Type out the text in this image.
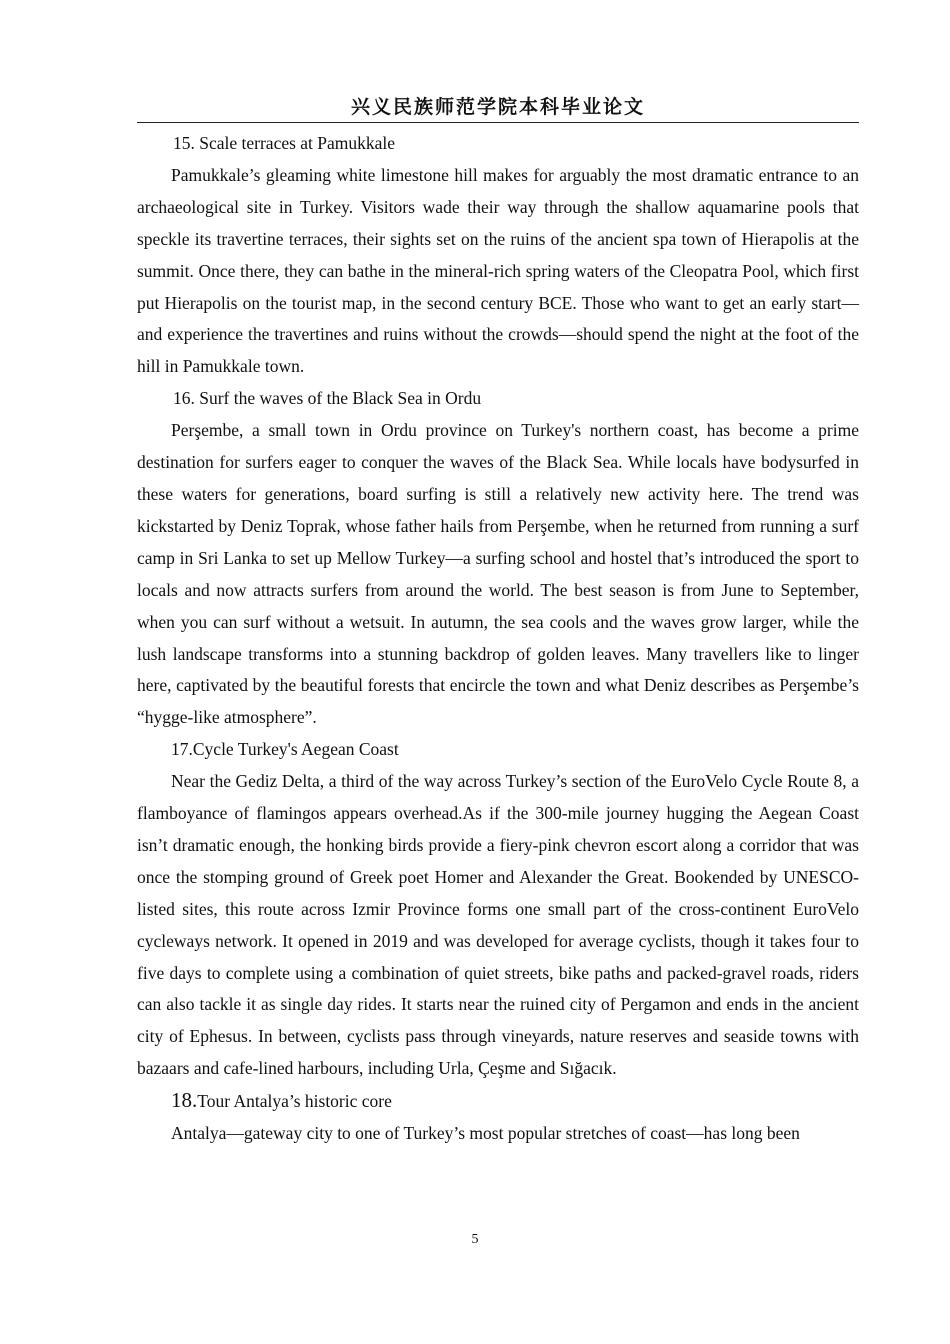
兴义民族师范学院本科毕业论文

15. Scale terraces at Pamukkale

Pamukkale’s gleaming white limestone hill makes for arguably the most dramatic entrance to an archaeological site in Turkey. Visitors wade their way through the shallow aquamarine pools that speckle its travertine terraces, their sights set on the ruins of the ancient spa town of Hierapolis at the summit. Once there, they can bathe in the mineral-rich spring waters of the Cleopatra Pool, which first put Hierapolis on the tourist map, in the second century BCE. Those who want to get an early start—and experience the travertines and ruins without the crowds—should spend the night at the foot of the hill in Pamukkale town.

16. Surf the waves of the Black Sea in Ordu

Perşembe, a small town in Ordu province on Turkey's northern coast, has become a prime destination for surfers eager to conquer the waves of the Black Sea. While locals have bodysurfed in these waters for generations, board surfing is still a relatively new activity here. The trend was kickstarted by Deniz Toprak, whose father hails from Perşembe, when he returned from running a surf camp in Sri Lanka to set up Mellow Turkey—a surfing school and hostel that’s introduced the sport to locals and now attracts surfers from around the world. The best season is from June to September, when you can surf without a wetsuit. In autumn, the sea cools and the waves grow larger, while the lush landscape transforms into a stunning backdrop of golden leaves. Many travellers like to linger here, captivated by the beautiful forests that encircle the town and what Deniz describes as Perşembe’s “hygge-like atmosphere”.

17.Cycle Turkey's Aegean Coast

Near the Gediz Delta, a third of the way across Turkey’s section of the EuroVelo Cycle Route 8, a flamboyance of flamingos appears overhead.As if the 300-mile journey hugging the Aegean Coast isn’t dramatic enough, the honking birds provide a fiery-pink chevron escort along a corridor that was once the stomping ground of Greek poet Homer and Alexander the Great. Bookended by UNESCO-listed sites, this route across Izmir Province forms one small part of the cross-continent EuroVelo cycleways network. It opened in 2019 and was developed for average cyclists, though it takes four to five days to complete using a combination of quiet streets, bike paths and packed-gravel roads, riders can also tackle it as single day rides. It starts near the ruined city of Pergamon and ends in the ancient city of Ephesus. In between, cyclists pass through vineyards, nature reserves and seaside towns with bazaars and cafe-lined harbours, including Urla, Çeşme and Sığacık.

18.Tour Antalya’s historic core

Antalya—gateway city to one of Turkey’s most popular stretches of coast—has long been

5
